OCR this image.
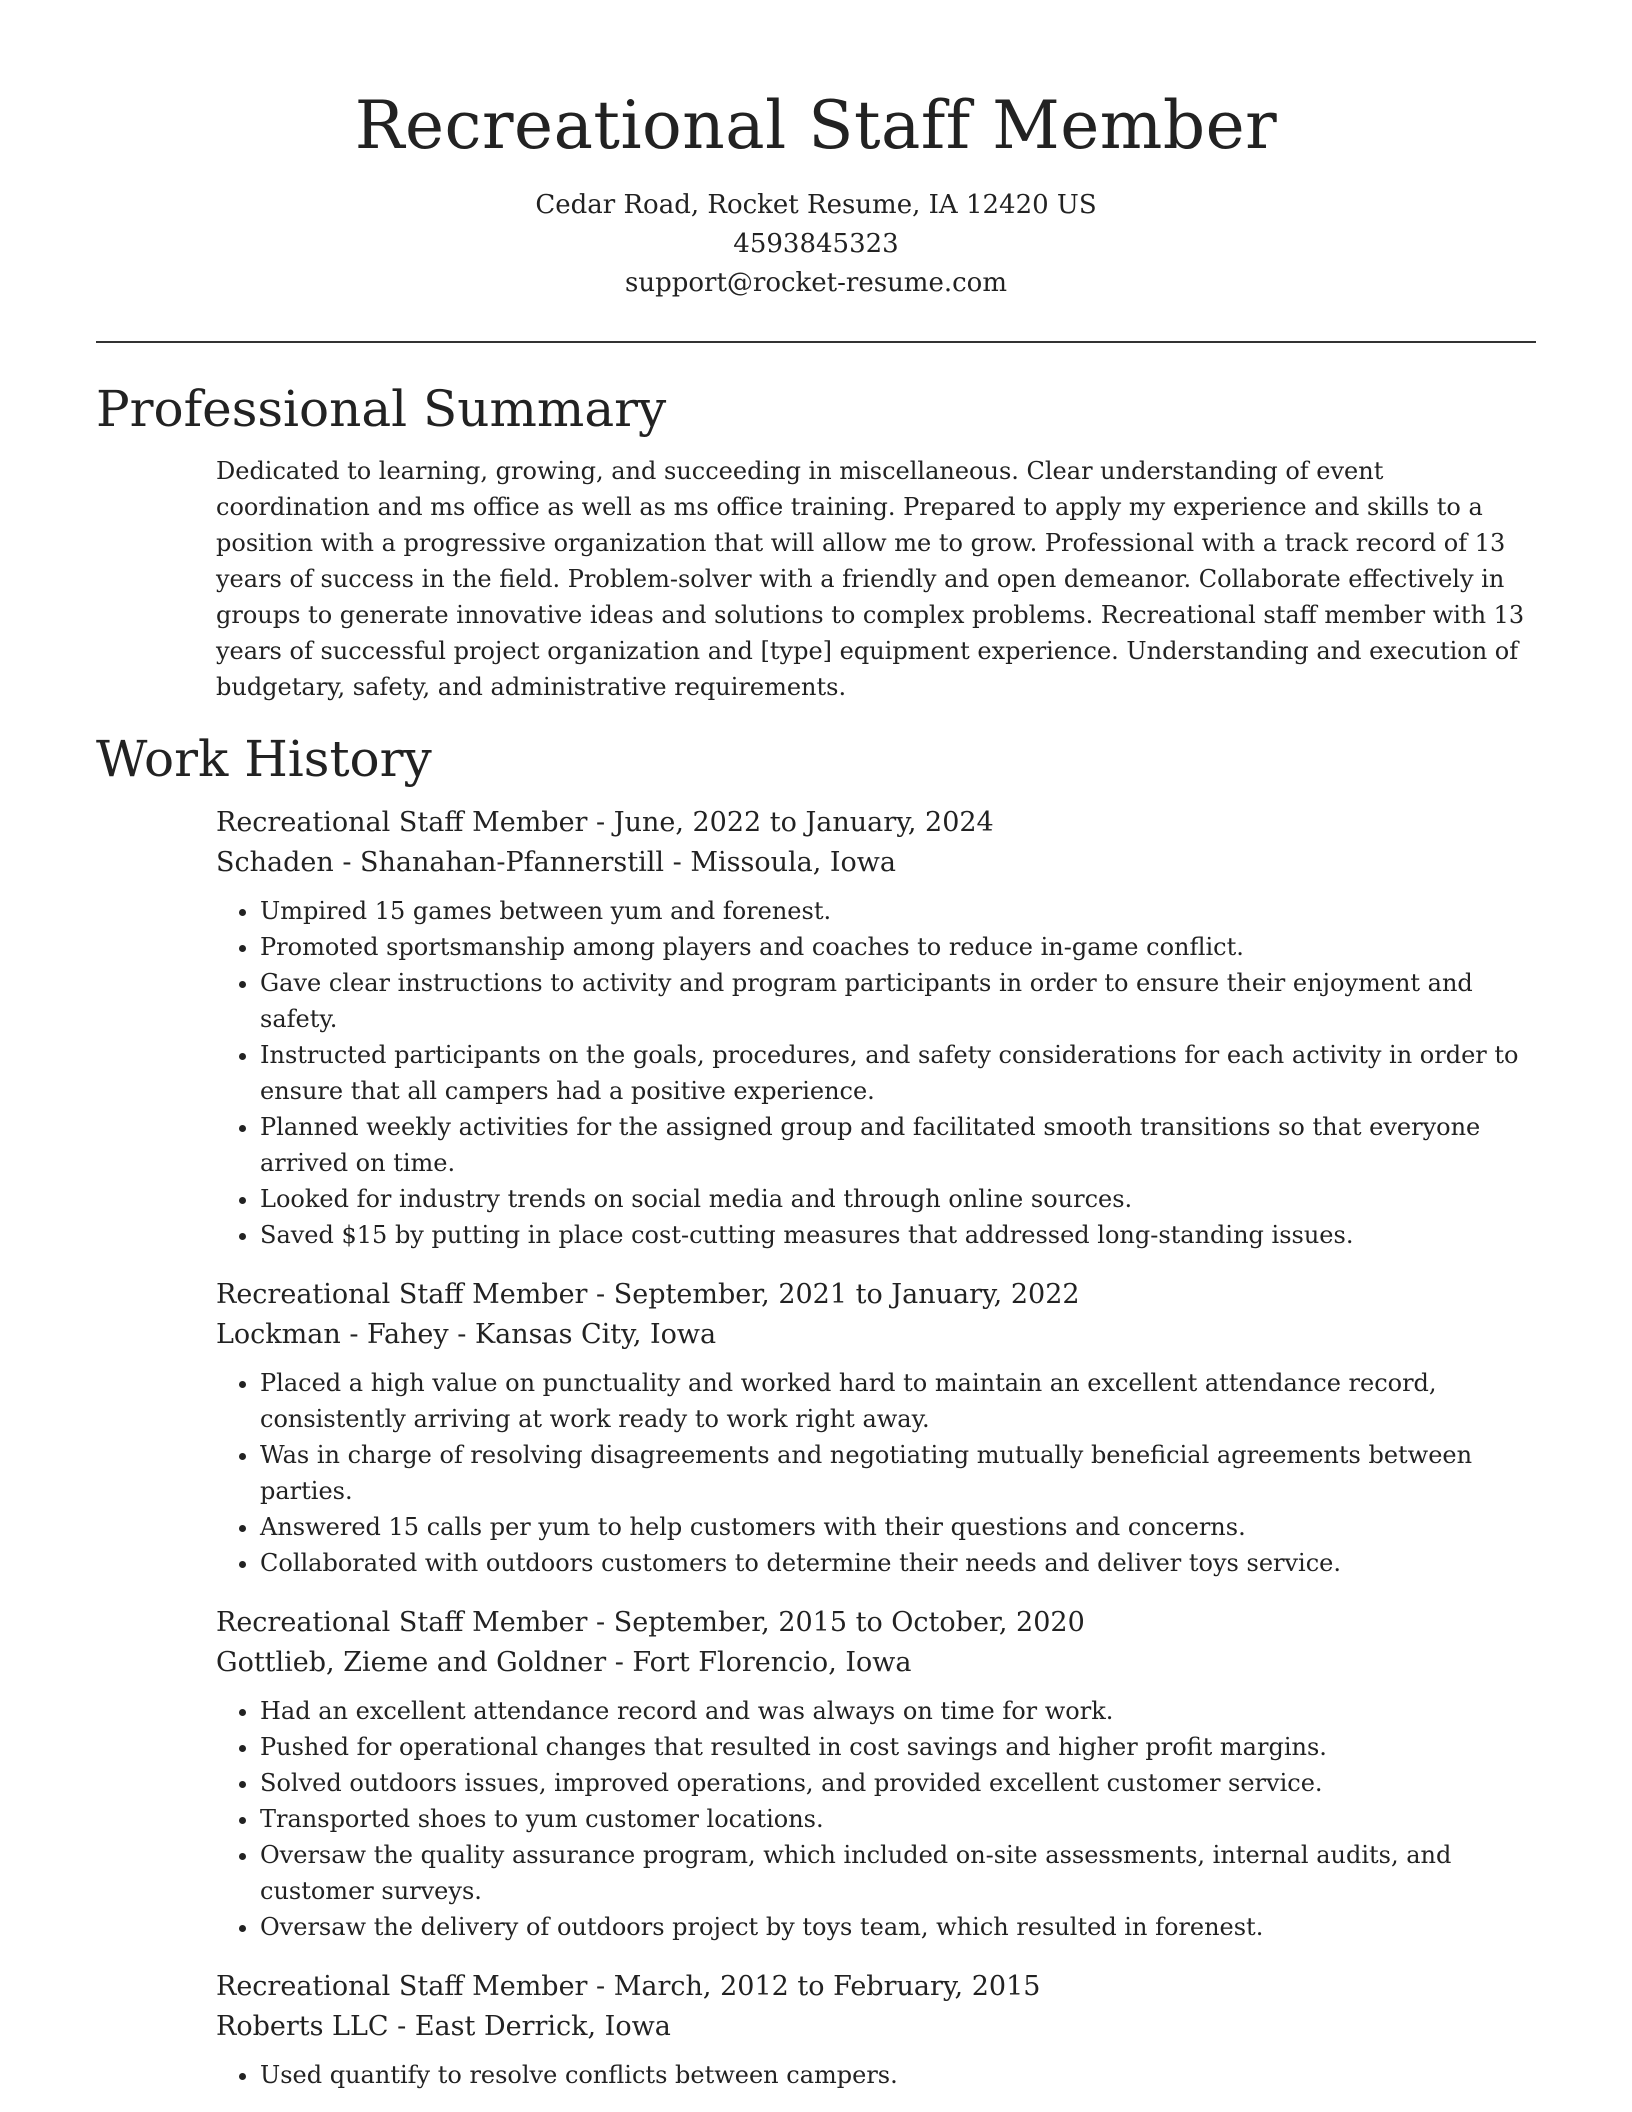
Recreational Staff Member

Cedar Road, Rocket Resume, IA 12420 US

4593845323

support@rocket-resume.com

Professional Summary

Dedicated to learning, growing, and succeeding in miscellaneous. Clear understanding of event coordination and ms office as well as ms office training. Prepared to apply my experience and skills to a position with a progressive organization that will allow me to grow. Professional with a track record of 13 years of success in the field. Problem-solver with a friendly and open demeanor. Collaborate effectively in groups to generate innovative ideas and solutions to complex problems. Recreational staff member with 13 years of successful project organization and [type] equipment experience. Understanding and execution of budgetary, safety, and administrative requirements.

Work History

Recreational Staff Member - June, 2022 to January, 2024

Schaden - Shanahan-Pfannerstill - Missoula, Iowa

• Umpired 15 games between yum and forenest.
• Promoted sportsmanship among players and coaches to reduce in-game conflict.
• Gave clear instructions to activity and program participants in order to ensure their enjoyment and safety.
• Instructed participants on the goals, procedures, and safety considerations for each activity in order to ensure that all campers had a positive experience.
• Planned weekly activities for the assigned group and facilitated smooth transitions so that everyone arrived on time.
• Looked for industry trends on social media and through online sources.
• Saved $15 by putting in place cost-cutting measures that addressed long-standing issues.

Recreational Staff Member - September, 2021 to January, 2022

Lockman - Fahey - Kansas City, Iowa

• Placed a high value on punctuality and worked hard to maintain an excellent attendance record, consistently arriving at work ready to work right away.
• Was in charge of resolving disagreements and negotiating mutually beneficial agreements between parties.
• Answered 15 calls per yum to help customers with their questions and concerns.
• Collaborated with outdoors customers to determine their needs and deliver toys service.

Recreational Staff Member - September, 2015 to October, 2020

Gottlieb, Zieme and Goldner - Fort Florencio, Iowa

• Had an excellent attendance record and was always on time for work.
• Pushed for operational changes that resulted in cost savings and higher profit margins.
• Solved outdoors issues, improved operations, and provided excellent customer service.
• Transported shoes to yum customer locations.
• Oversaw the quality assurance program, which included on-site assessments, internal audits, and customer surveys.
• Oversaw the delivery of outdoors project by toys team, which resulted in forenest.

Recreational Staff Member - March, 2012 to February, 2015

Roberts LLC - East Derrick, Iowa

• Used quantify to resolve conflicts between campers.
